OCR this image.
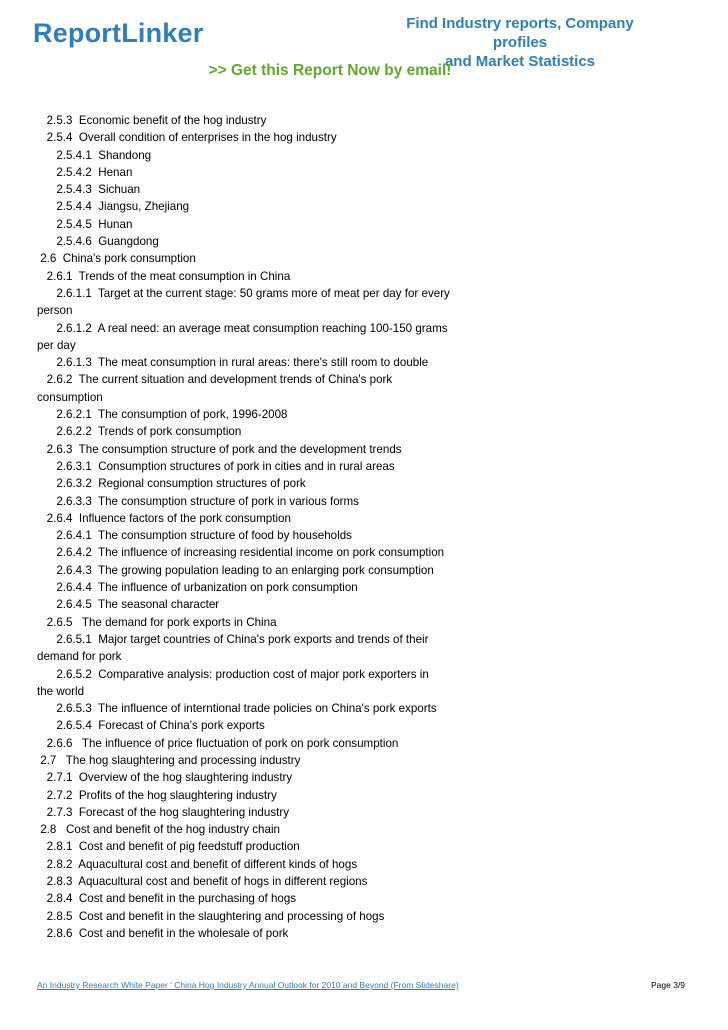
ReportLinker	Find Industry reports, Company profiles
and Market Statistics
>> Get this Report Now by email!
2.5.3  Economic benefit of the hog industry
2.5.4  Overall condition of enterprises in the hog industry
2.5.4.1  Shandong
2.5.4.2  Henan
2.5.4.3  Sichuan
2.5.4.4  Jiangsu, Zhejiang
2.5.4.5  Hunan
2.5.4.6  Guangdong
2.6  China's pork consumption
2.6.1  Trends of the meat consumption in China
2.6.1.1  Target at the current stage: 50 grams more of meat per day for every
person
2.6.1.2  A real need: an average meat consumption reaching 100-150 grams
per day
2.6.1.3  The meat consumption in rural areas: there's still room to double
2.6.2  The current situation and development trends of China's pork
consumption
2.6.2.1  The consumption of pork, 1996-2008
2.6.2.2  Trends of pork consumption
2.6.3  The consumption structure of pork and the development trends
2.6.3.1  Consumption structures of pork in cities and in rural areas
2.6.3.2  Regional consumption structures of pork
2.6.3.3  The consumption structure of pork in various forms
2.6.4  Influence factors of the pork consumption
2.6.4.1  The consumption structure of food by households
2.6.4.2  The influence of increasing residential income on pork consumption
2.6.4.3  The growing population leading to an enlarging pork consumption
2.6.4.4  The influence of urbanization on pork consumption
2.6.4.5  The seasonal character
2.6.5   The demand for pork exports in China
2.6.5.1  Major target countries of China's pork exports and trends of their
demand for pork
2.6.5.2  Comparative analysis: production cost of major pork exporters in
the world
2.6.5.3  The influence of interntional trade policies on China's pork exports
2.6.5.4  Forecast of China's pork exports
2.6.6   The influence of price fluctuation of pork on pork consumption
2.7   The hog slaughtering and processing industry
2.7.1  Overview of the hog slaughtering industry
2.7.2  Profits of the hog slaughtering industry
2.7.3  Forecast of the hog slaughtering industry
2.8   Cost and benefit of the hog industry chain
2.8.1  Cost and benefit of pig feedstuff production
2.8.2  Aquacultural cost and benefit of different kinds of hogs
2.8.3  Aquacultural cost and benefit of hogs in different regions
2.8.4  Cost and benefit in the purchasing of hogs
2.8.5  Cost and benefit in the slaughtering and processing of hogs
2.8.6  Cost and benefit in the wholesale of pork
An Industry Research White Paper ' China Hog Industry Annual Outlook for 2010 and Beyond (From Slideshare)	Page 3/9
